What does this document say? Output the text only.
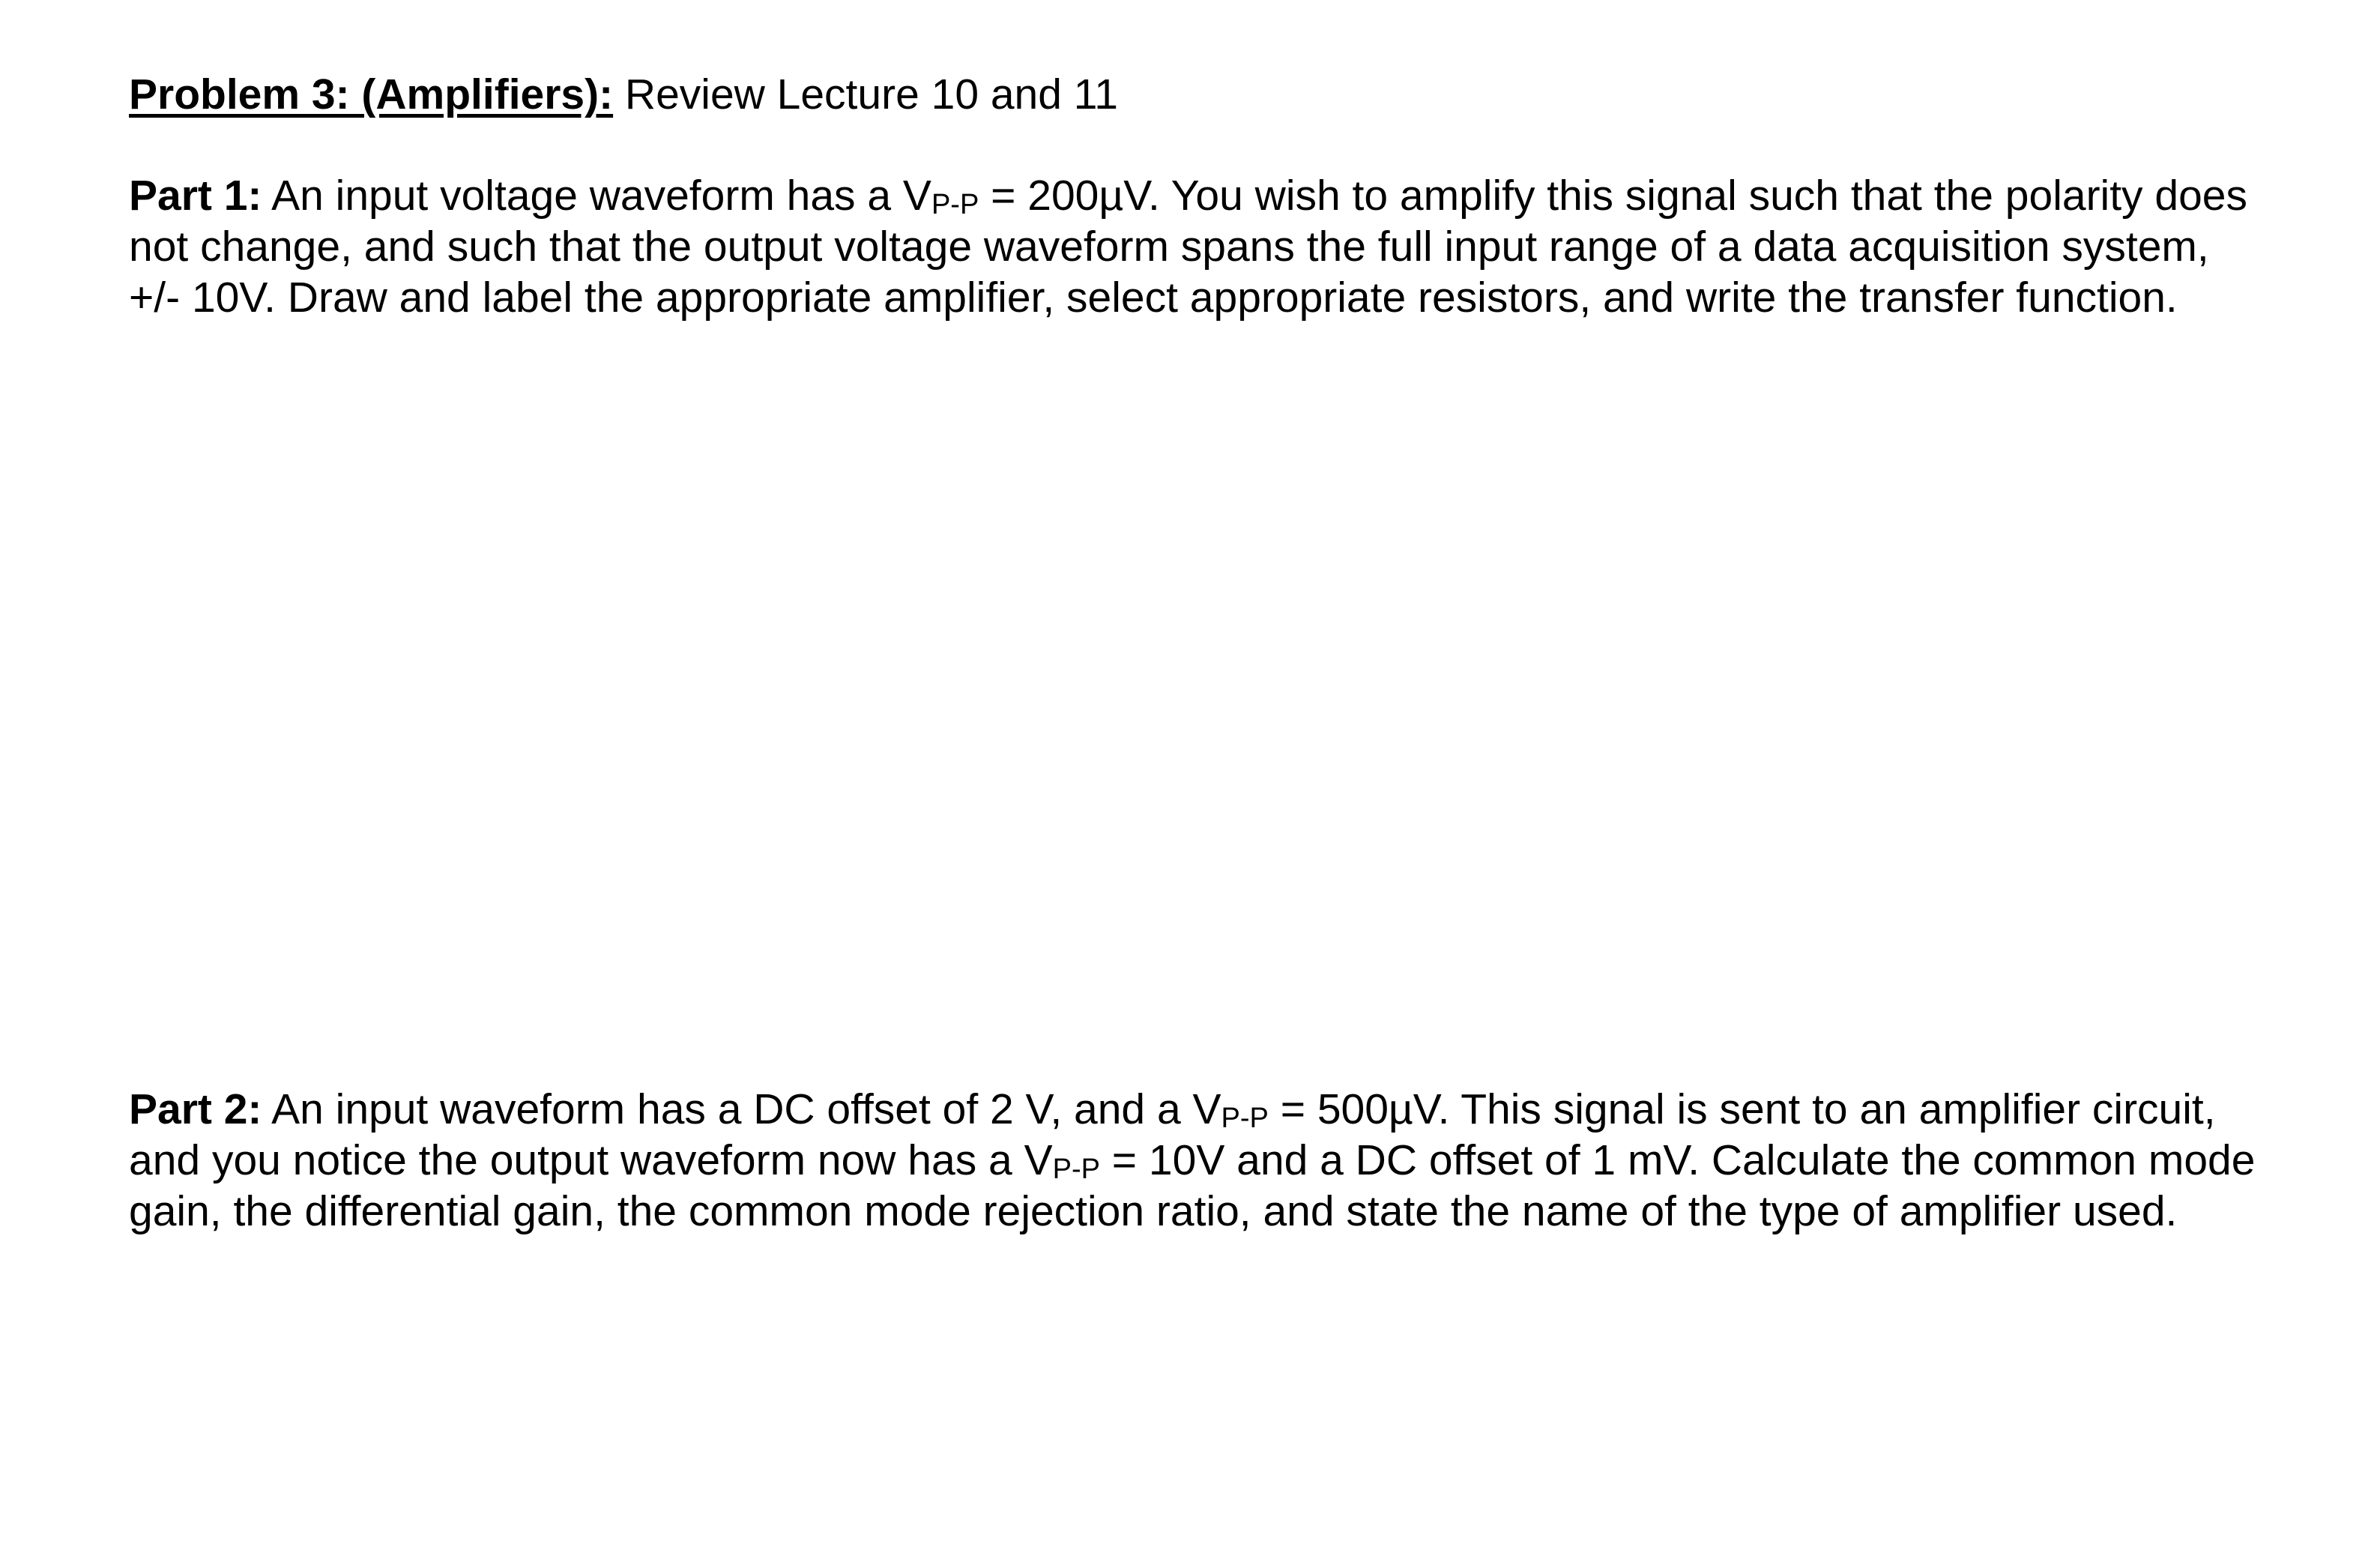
Problem 3: (Amplifiers): Review Lecture 10 and 11
Part 1: An input voltage waveform has a VP-P = 200µV. You wish to amplify this signal such that the polarity does
not change, and such that the output voltage waveform spans the full input range of a data acquisition system,
+/- 10V. Draw and label the appropriate amplifier, select appropriate resistors, and write the transfer function.
Part 2: An input waveform has a DC offset of 2 V, and a VP-P = 500µV. This signal is sent to an amplifier circuit,
and you notice the output waveform now has a VP-P = 10V and a DC offset of 1 mV. Calculate the common mode
gain, the differential gain, the common mode rejection ratio, and state the name of the type of amplifier used.
